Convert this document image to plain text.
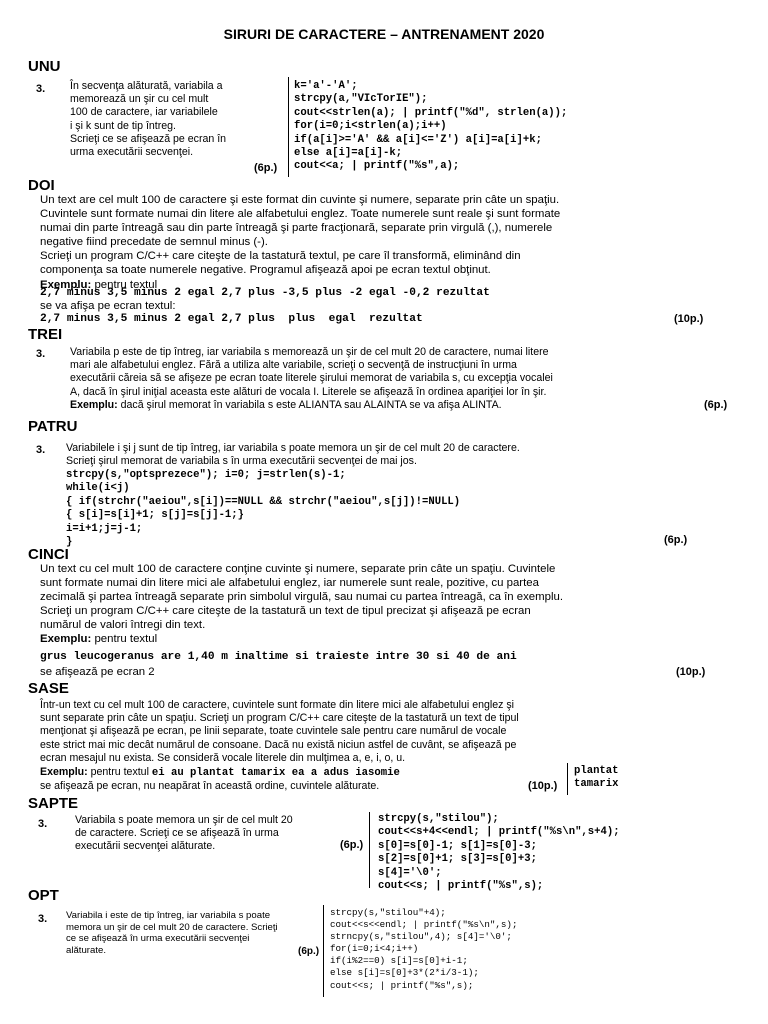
SIRURI DE CARACTERE – ANTRENAMENT 2020
UNU
3. În secvenţa alăturată, variabila a
memorează un şir cu cel mult
100 de caractere, iar variabilele
i şi k sunt de tip întreg.
Scrieţi ce se afişează pe ecran în
urma executării secvenţei.
(6p.)
k='a'-'A';
strcpy(a,"VIcTorIE");
cout<<strlen(a); | printf("%d", strlen(a));
for(i=0;i<strlen(a);i++)
if(a[i]>='A' && a[i]<='Z') a[i]=a[i]+k;
else a[i]=a[i]-k;
cout<<a; | printf("%s",a);
DOI
Un text are cel mult 100 de caractere şi este format din cuvinte şi numere, separate prin câte un spaţiu.
Cuvintele sunt formate numai din litere ale alfabetului englez. Toate numerele sunt reale şi sunt formate
numai din parte întreagă sau din parte întreagă şi parte fracţionară, separate prin virgulă (,), numerele
negative fiind precedate de semnul minus (-).
Scrieţi un program C/C++ care citeşte de la tastatură textul, pe care îl transformă, eliminând din
componenţa sa toate numerele negative. Programul afişează apoi pe ecran textul obţinut.
Exemplu: pentru textul
2,7 minus 3,5 minus 2 egal 2,7 plus -3,5 plus -2 egal -0,2 rezultat
se va afişa pe ecran textul:
2,7 minus 3,5 minus 2 egal 2,7 plus  plus  egal  rezultat	(10p.)
TREI
3. Variabila p este de tip întreg, iar variabila s memorează un şir de cel mult 20 de caractere, numai litere
mari ale alfabetului englez. Fără a utiliza alte variabile, scrieţi o secvenţă de instrucţiuni în urma
executării căreia să se afişeze pe ecran toate literele şirului memorat de variabila s, cu excepţia vocalei
A, dacă în şirul iniţial aceasta este alături de vocala I. Literele se afişează în ordinea apariţiei lor în şir.
Exemplu: dacă şirul memorat în variabila s este ALIANTA sau ALAINTA se va afişa ALINTA.	(6p.)
PATRU
3. Variabilele i şi j sunt de tip întreg, iar variabila s poate memora un şir de cel mult 20 de caractere.
Scrieţi şirul memorat de variabila s în urma executării secvenţei de mai jos.
strcpy(s,"optsprezece"); i=0; j=strlen(s)-1;
while(i<j)
{ if(strchr("aeiou",s[i])==NULL && strchr("aeiou",s[j])!=NULL)
{ s[i]=s[i]+1; s[j]=s[j]-1;}
i=i+1;j=j-1;
}	(6p.)
CINCI
Un text cu cel mult 100 de caractere conţine cuvinte şi numere, separate prin câte un spaţiu. Cuvintele
sunt formate numai din litere mici ale alfabetului englez, iar numerele sunt reale, pozitive, cu partea
zecimală şi partea întreagă separate prin simbolul virgulă, sau numai cu partea întreagă, ca în exemplu.
Scrieţi un program C/C++ care citeşte de la tastatură un text de tipul precizat şi afişează pe ecran
numărul de valori întregi din text.
Exemplu: pentru textul
grus leucogeranus are 1,40 m inaltime si traieste intre 30 si 40 de ani
se afişează pe ecran 2	(10p.)
SASE
Într-un text cu cel mult 100 de caractere, cuvintele sunt formate din litere mici ale alfabetului englez şi
sunt separate prin câte un spaţiu. Scrieţi un program C/C++ care citeşte de la tastatură un text de tipul
menţionat şi afişează pe ecran, pe linii separate, toate cuvintele sale pentru care numărul de vocale
este strict mai mic decât numărul de consoane. Dacă nu există niciun astfel de cuvânt, se afişează pe
ecran mesajul nu exista. Se consideră vocale literele din mulţimea a, e, i, o, u.
Exemplu: pentru textul ei au plantat tamarix ea a adus iasomie
se afişează pe ecran, nu neapărat în această ordine, cuvintele alăturate.	(10p.)
plantat
tamarix
SAPTE
3.	Variabila s poate memora un şir de cel mult 20
de caractere. Scrieţi ce se afişează în urma
executării secvenţei alăturate.	(6p.)
strcpy(s,"stilou");
cout<<s+4<<endl; | printf("%s\n",s+4);
s[0]=s[0]-1; s[1]=s[0]-3;
s[2]=s[0]+1; s[3]=s[0]+3;
s[4]='\0';
cout<<s; | printf("%s",s);
OPT
3. Variabila i este de tip întreg, iar variabila s poate
memora un şir de cel mult 20 de caractere. Scrieţi
ce se afişează în urma executării secvenţei
alăturate.	(6p.)
strcpy(s,"stilou"+4);
cout<<s<<endl; | printf("%s\n",s);
strncpy(s,"stilou",4); s[4]='\0';
for(i=0;i<4;i++)
if(i%2==0) s[i]=s[0]+i-1;
else s[i]=s[0]+3*(2*i/3-1);
cout<<s; | printf("%s",s);
